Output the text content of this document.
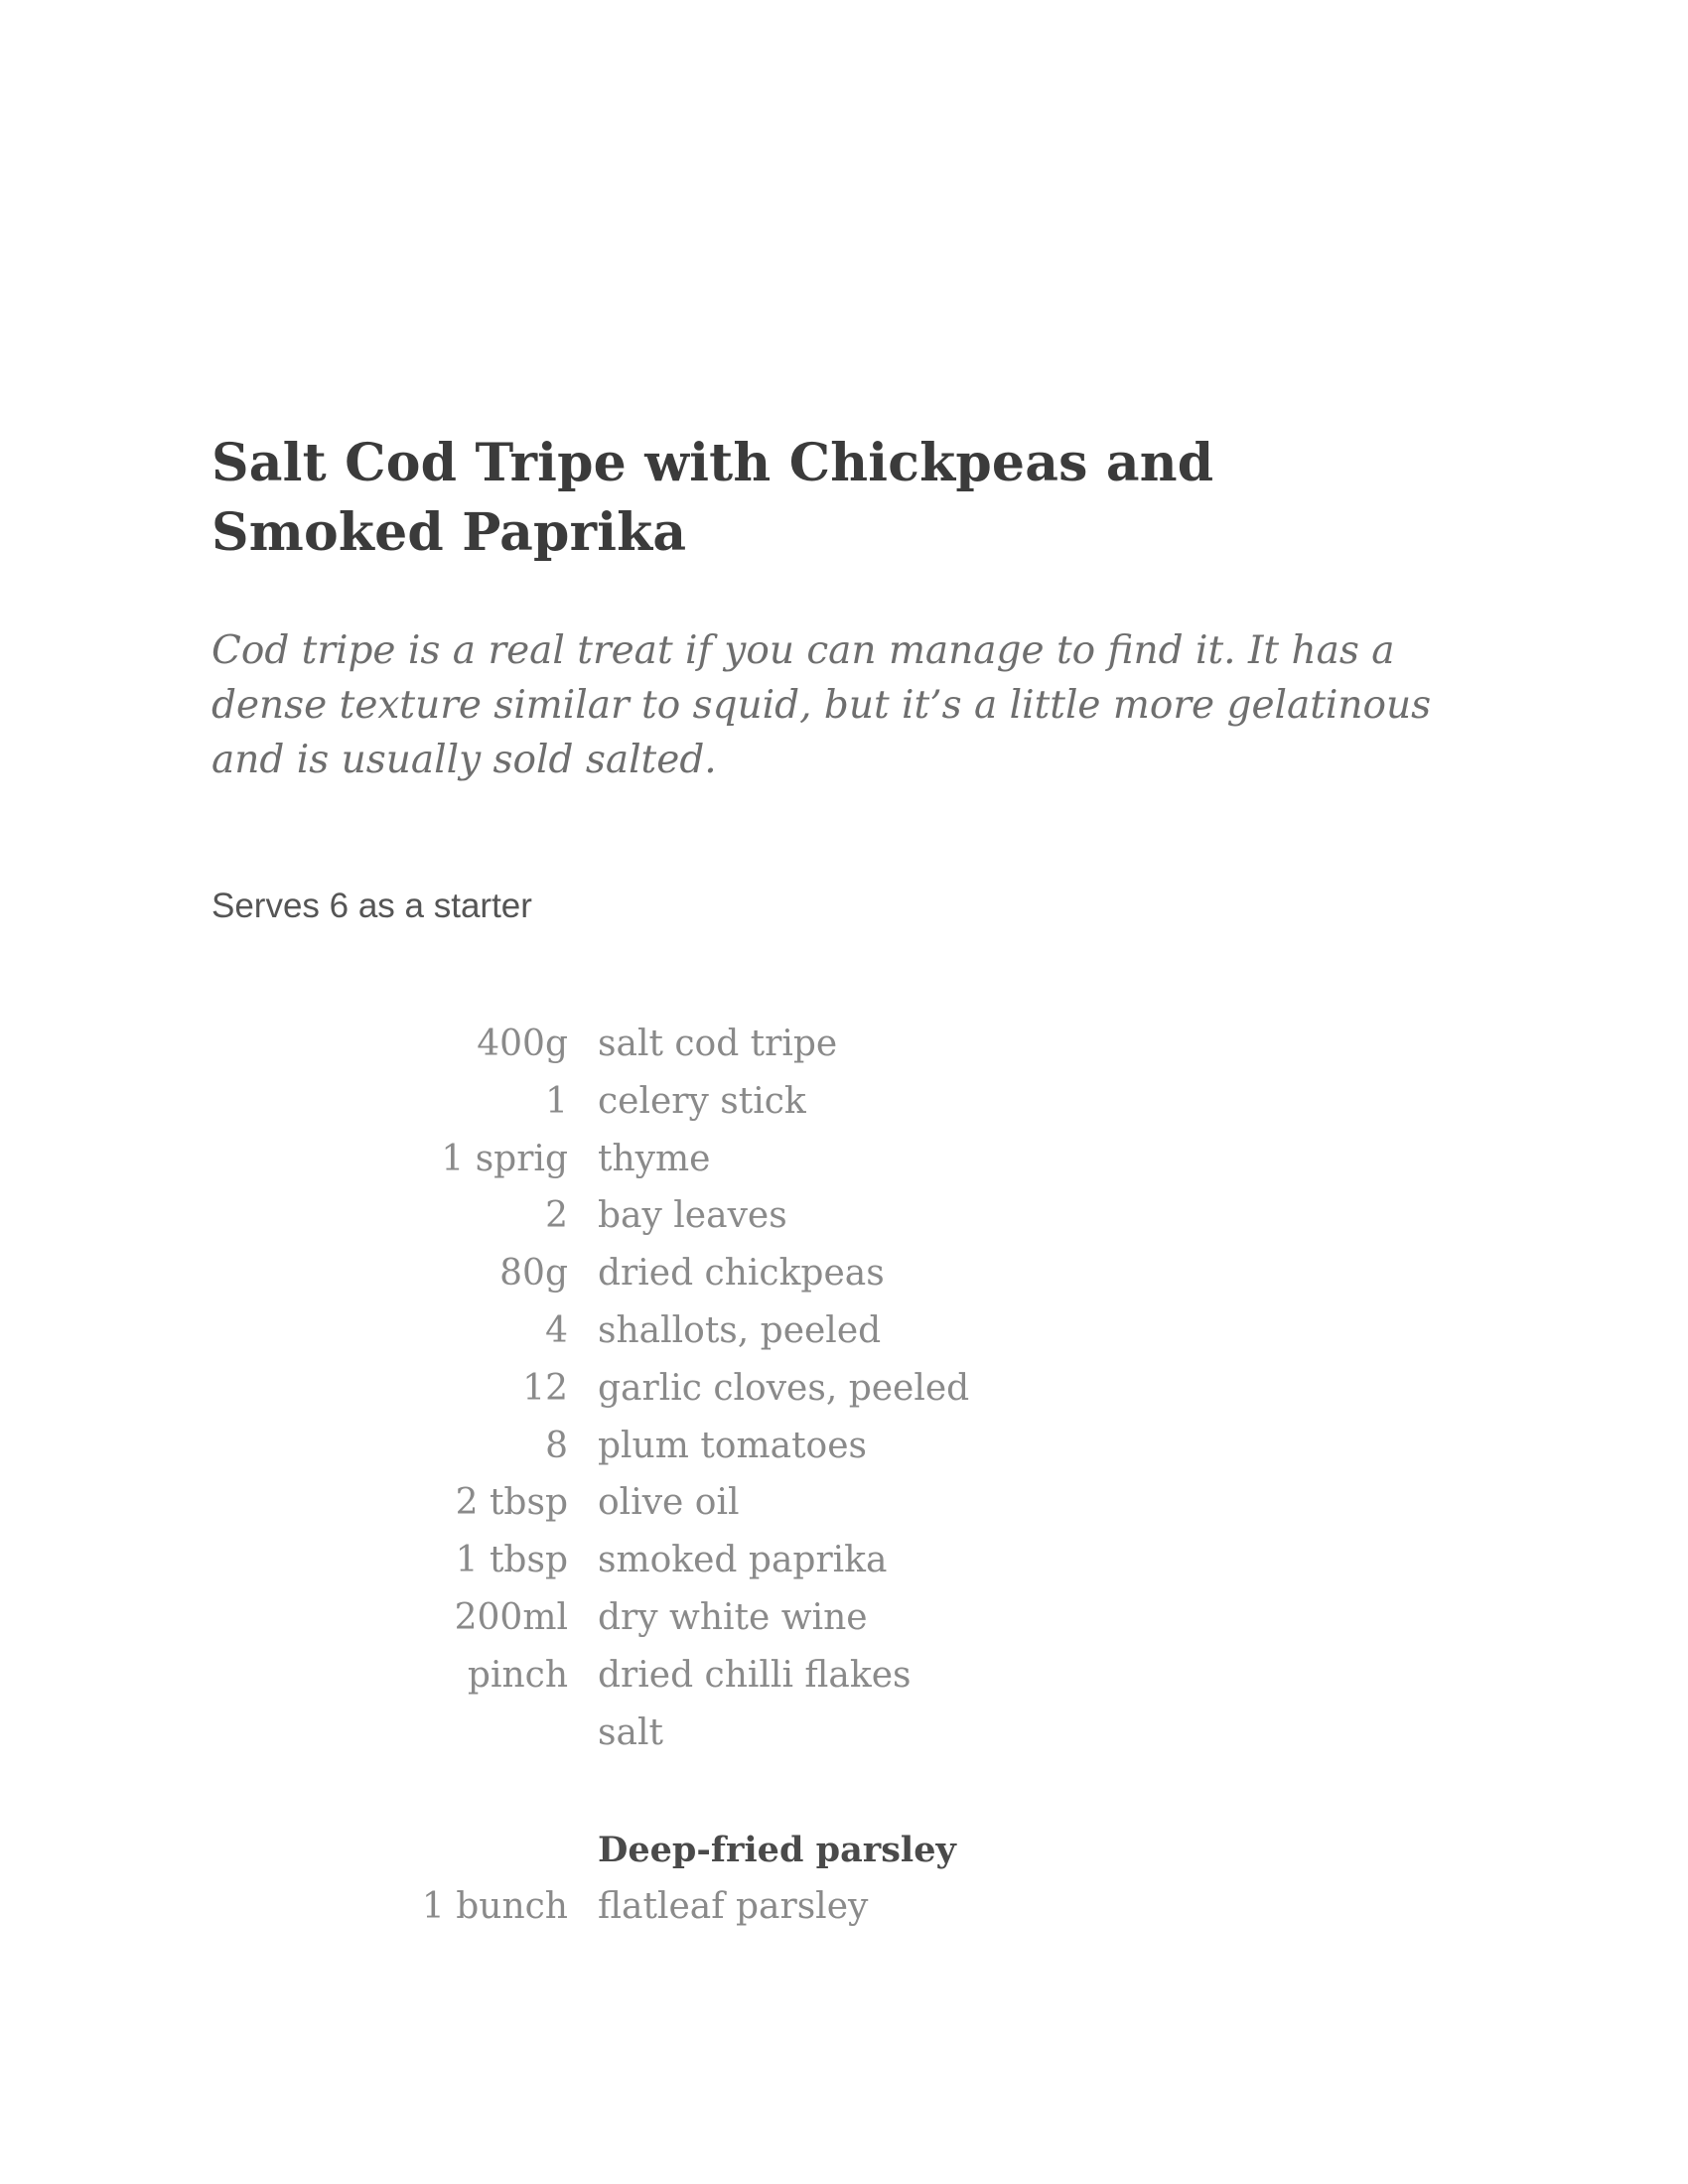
Salt Cod Tripe with Chickpeas and Smoked Paprika

Cod tripe is a real treat if you can manage to find it. It has a dense texture similar to squid, but it’s a little more gelatinous and is usually sold salted.

Serves 6 as a starter

400g salt cod tripe
1 celery stick
1 sprig thyme
2 bay leaves
80g dried chickpeas
4 shallots, peeled
12 garlic cloves, peeled
8 plum tomatoes
2 tbsp olive oil
1 tbsp smoked paprika
200ml dry white wine
pinch dried chilli flakes
salt
Deep-fried parsley
1 bunch flatleaf parsley
